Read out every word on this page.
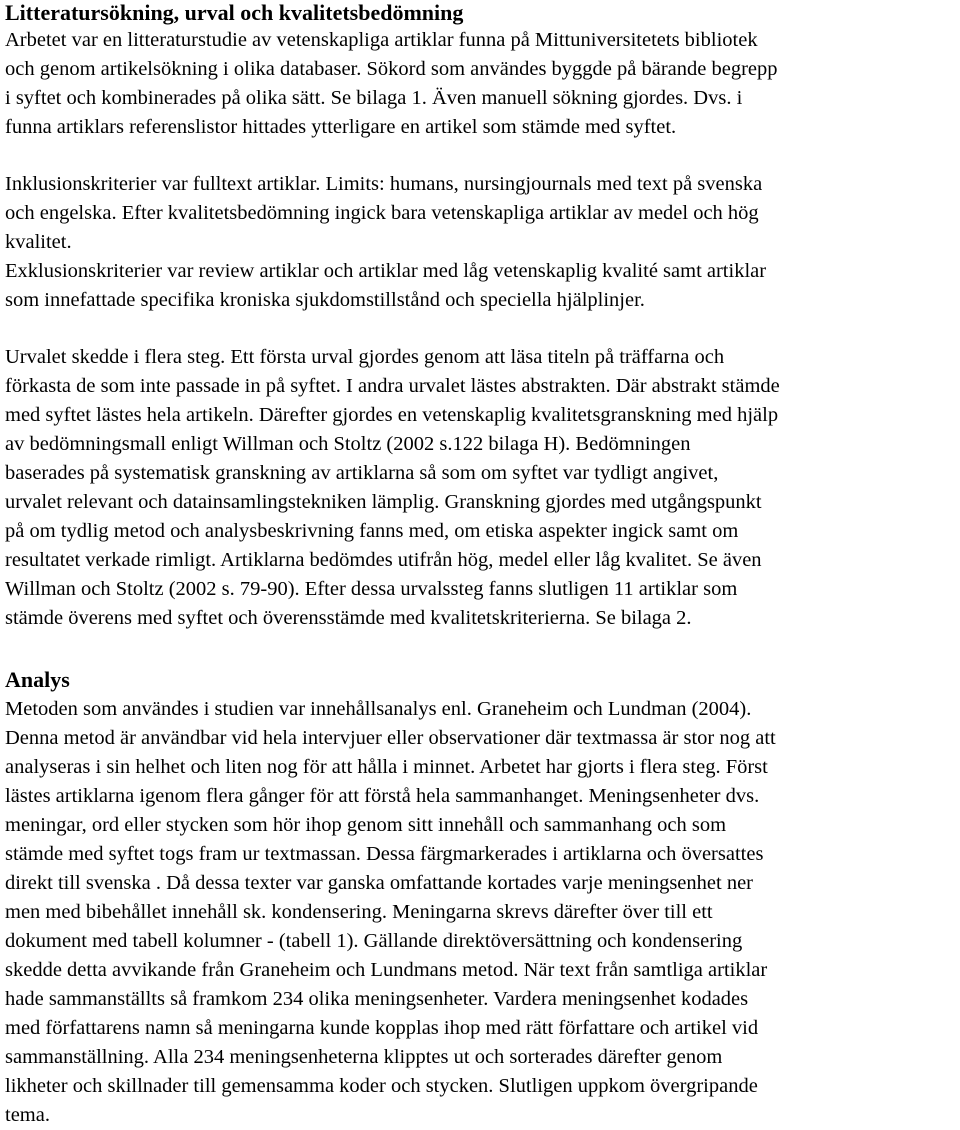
Litteratursökning, urval och kvalitetsbedömning
Arbetet var en litteraturstudie av vetenskapliga artiklar funna på Mittuniversitetets bibliotek
och genom artikelsökning i olika databaser. Sökord som användes byggde på bärande begrepp
i syftet och kombinerades på olika sätt. Se bilaga 1. Även manuell sökning gjordes. Dvs. i
funna artiklars referenslistor hittades ytterligare en artikel som stämde med syftet.
Inklusionskriterier var fulltext artiklar. Limits: humans, nursingjournals med text på svenska
och engelska. Efter kvalitetsbedömning ingick bara vetenskapliga artiklar av medel och hög
kvalitet.
Exklusionskriterier var review artiklar och artiklar med låg vetenskaplig kvalité samt artiklar
som innefattade specifika kroniska sjukdomstillstånd och speciella hjälplinjer.
Urvalet skedde i flera steg. Ett första urval gjordes genom att läsa titeln på träffarna och
förkasta de som inte passade in på syftet. I andra urvalet lästes abstrakten. Där abstrakt stämde
med syftet lästes hela artikeln. Därefter gjordes en vetenskaplig kvalitetsgranskning med hjälp
av bedömningsmall enligt Willman och Stoltz (2002 s.122 bilaga H). Bedömningen
baserades på systematisk granskning av artiklarna så som om syftet var tydligt angivet,
urvalet relevant och datainsamlingstekniken lämplig. Granskning gjordes med utgångspunkt
på om tydlig metod och analysbeskrivning fanns med, om etiska aspekter ingick samt om
resultatet verkade rimligt. Artiklarna bedömdes utifrån hög, medel eller låg kvalitet. Se även
Willman och Stoltz (2002 s. 79-90). Efter dessa urvalssteg fanns slutligen 11 artiklar som
stämde överens med syftet och överensstämde med kvalitetskriterierna. Se bilaga 2.
Analys
Metoden som användes i studien var innehållsanalys enl. Graneheim och Lundman (2004).
Denna metod är användbar vid hela intervjuer eller observationer där textmassa är stor nog att
analyseras i sin helhet och liten nog för att hålla i minnet. Arbetet har gjorts i flera steg. Först
lästes artiklarna igenom flera gånger för att förstå hela sammanhanget. Meningsenheter dvs.
meningar, ord eller stycken som hör ihop genom sitt innehåll och sammanhang och som
stämde med syftet togs fram ur textmassan. Dessa färgmarkerades i artiklarna och översattes
direkt till svenska . Då dessa texter var ganska omfattande kortades varje meningsenhet ner
men med bibehållet innehåll sk. kondensering. Meningarna skrevs därefter över till ett
dokument med tabell kolumner - (tabell 1). Gällande direktöversättning och kondensering
skedde detta avvikande från Graneheim och Lundmans metod. När text från samtliga artiklar
hade sammanställts så framkom 234 olika meningsenheter. Vardera meningsenhet kodades
med författarens namn så meningarna kunde kopplas ihop med rätt författare och artikel vid
sammanställning. Alla 234 meningsenheterna klipptes ut och sorterades därefter genom
likheter och skillnader till gemensamma koder och stycken. Slutligen uppkom övergripande
tema.
